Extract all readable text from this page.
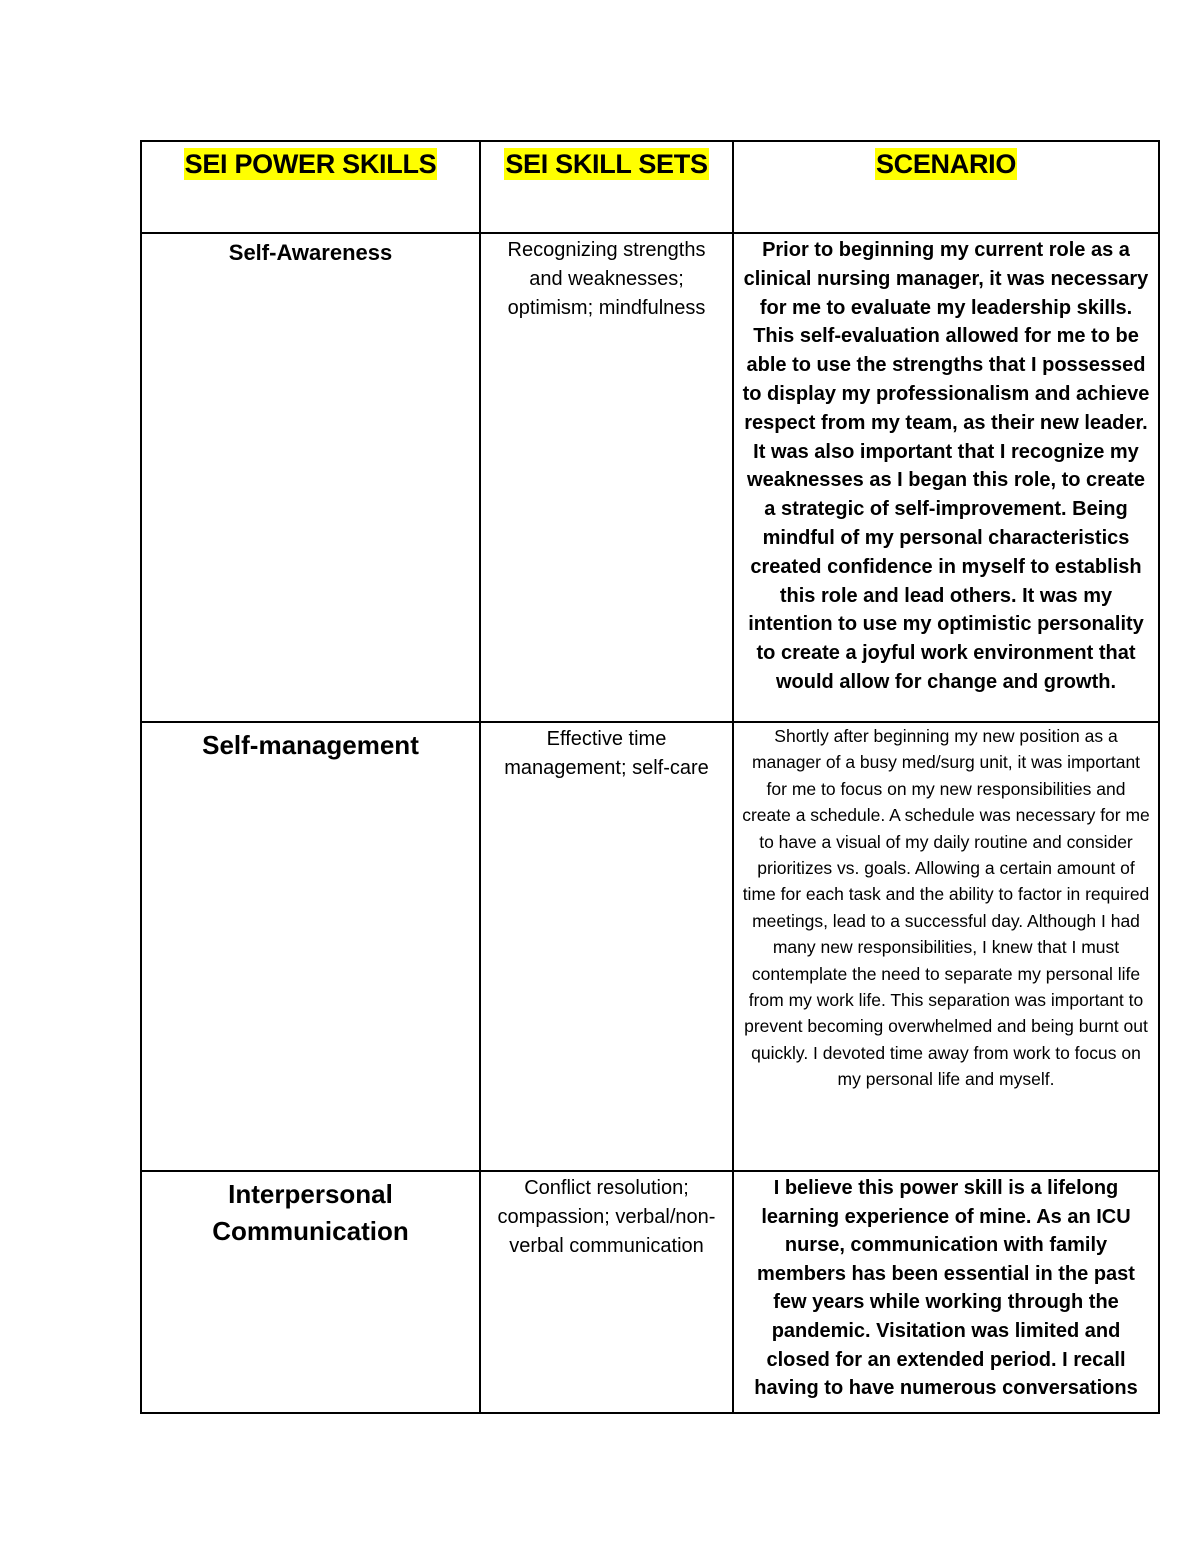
SEI POWER SKILLS	SEI SKILL SETS	SCENARIO

Self-Awareness	Recognizing strengths and weaknesses; optimism; mindfulness	Prior to beginning my current role as a clinical nursing manager, it was necessary for me to evaluate my leadership skills. This self-evaluation allowed for me to be able to use the strengths that I possessed to display my professionalism and achieve respect from my team, as their new leader. It was also important that I recognize my weaknesses as I began this role, to create a strategic of self-improvement. Being mindful of my personal characteristics created confidence in myself to establish this role and lead others. It was my intention to use my optimistic personality to create a joyful work environment that would allow for change and growth.

Self-management	Effective time management; self-care	Shortly after beginning my new position as a manager of a busy med/surg unit, it was important for me to focus on my new responsibilities and create a schedule. A schedule was necessary for me to have a visual of my daily routine and consider prioritizes vs. goals. Allowing a certain amount of time for each task and the ability to factor in required meetings, lead to a successful day. Although I had many new responsibilities, I knew that I must contemplate the need to separate my personal life from my work life. This separation was important to prevent becoming overwhelmed and being burnt out quickly. I devoted time away from work to focus on my personal life and myself.

Interpersonal Communication	Conflict resolution; compassion; verbal/non-verbal communication	I believe this power skill is a lifelong learning experience of mine. As an ICU nurse, communication with family members has been essential in the past few years while working through the pandemic. Visitation was limited and closed for an extended period. I recall having to have numerous conversations
